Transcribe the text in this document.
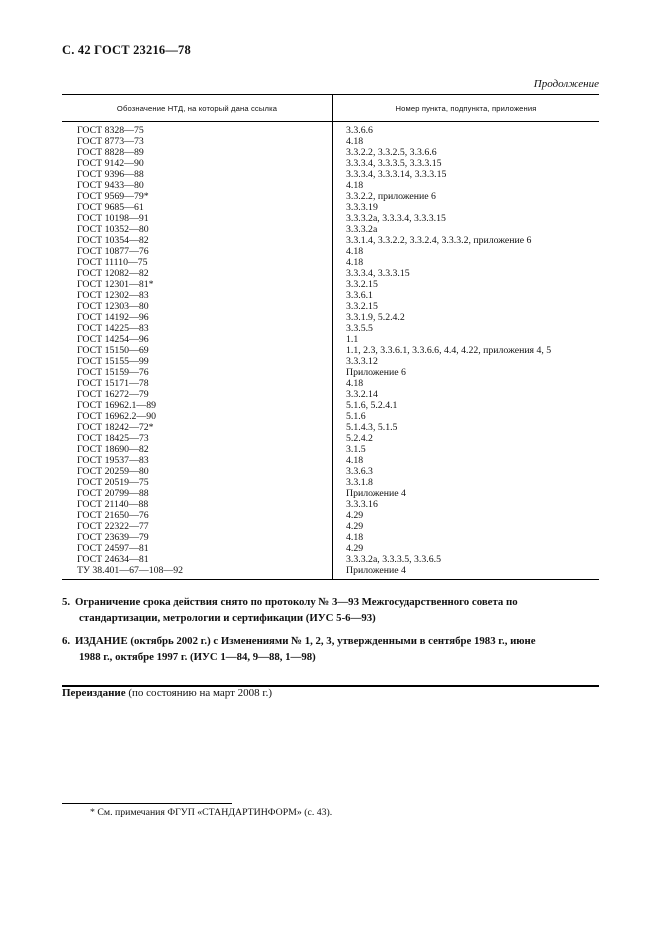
С. 42 ГОСТ 23216—78
Продолжение
Обозначение НТД, на который дана ссылка	Номер пункта, подпункта, приложения
ГОСТ 8328—75
ГОСТ 8773—73
ГОСТ 8828—89
ГОСТ 9142—90
ГОСТ 9396—88
ГОСТ 9433—80
ГОСТ 9569—79*
ГОСТ 9685—61
ГОСТ 10198—91
ГОСТ 10352—80
ГОСТ 10354—82
ГОСТ 10877—76
ГОСТ 11110—75
ГОСТ 12082—82
ГОСТ 12301—81*
ГОСТ 12302—83
ГОСТ 12303—80
ГОСТ 14192—96
ГОСТ 14225—83
ГОСТ 14254—96
ГОСТ 15150—69
ГОСТ 15155—99
ГОСТ 15159—76
ГОСТ 15171—78
ГОСТ 16272—79
ГОСТ 16962.1—89
ГОСТ 16962.2—90
ГОСТ 18242—72*
ГОСТ 18425—73
ГОСТ 18690—82
ГОСТ 19537—83
ГОСТ 20259—80
ГОСТ 20519—75
ГОСТ 20799—88
ГОСТ 21140—88
ГОСТ 21650—76
ГОСТ 22322—77
ГОСТ 23639—79
ГОСТ 24597—81
ГОСТ 24634—81
ТУ 38.401—67—108—92
3.3.6.6
4.18
3.3.2.2, 3.3.2.5, 3.3.6.6
3.3.3.4, 3.3.3.5, 3.3.3.15
3.3.3.4, 3.3.3.14, 3.3.3.15
4.18
3.3.2.2, приложение 6
3.3.3.19
3.3.3.2а, 3.3.3.4, 3.3.3.15
3.3.3.2а
3.3.1.4, 3.3.2.2, 3.3.2.4, 3.3.3.2, приложение 6
4.18
4.18
3.3.3.4, 3.3.3.15
3.3.2.15
3.3.6.1
3.3.2.15
3.3.1.9, 5.2.4.2
3.3.5.5
1.1
1.1, 2.3, 3.3.6.1, 3.3.6.6, 4.4, 4.22, приложения 4, 5
3.3.3.12
Приложение 6
4.18
3.3.2.14
5.1.6, 5.2.4.1
5.1.6
5.1.4.3, 5.1.5
5.2.4.2
3.1.5
4.18
3.3.6.3
3.3.1.8
Приложение 4
3.3.3.16
4.29
4.29
4.18
4.29
3.3.3.2а, 3.3.3.5, 3.3.6.5
Приложение 4
5. Ограничение срока действия снято по протоколу № 3—93 Межгосударственного совета по
стандартизации, метрологии и сертификации (ИУС 5-6—93)
6. ИЗДАНИЕ (октябрь 2002 г.) с Изменениями № 1, 2, 3, утвержденными в сентябре 1983 г., июне
1988 г., октябре 1997 г. (ИУС 1—84, 9—88, 1—98)
Переиздание (по состоянию на март 2008 г.)
* См. примечания ФГУП «СТАНДАРТИНФОРМ» (с. 43).
